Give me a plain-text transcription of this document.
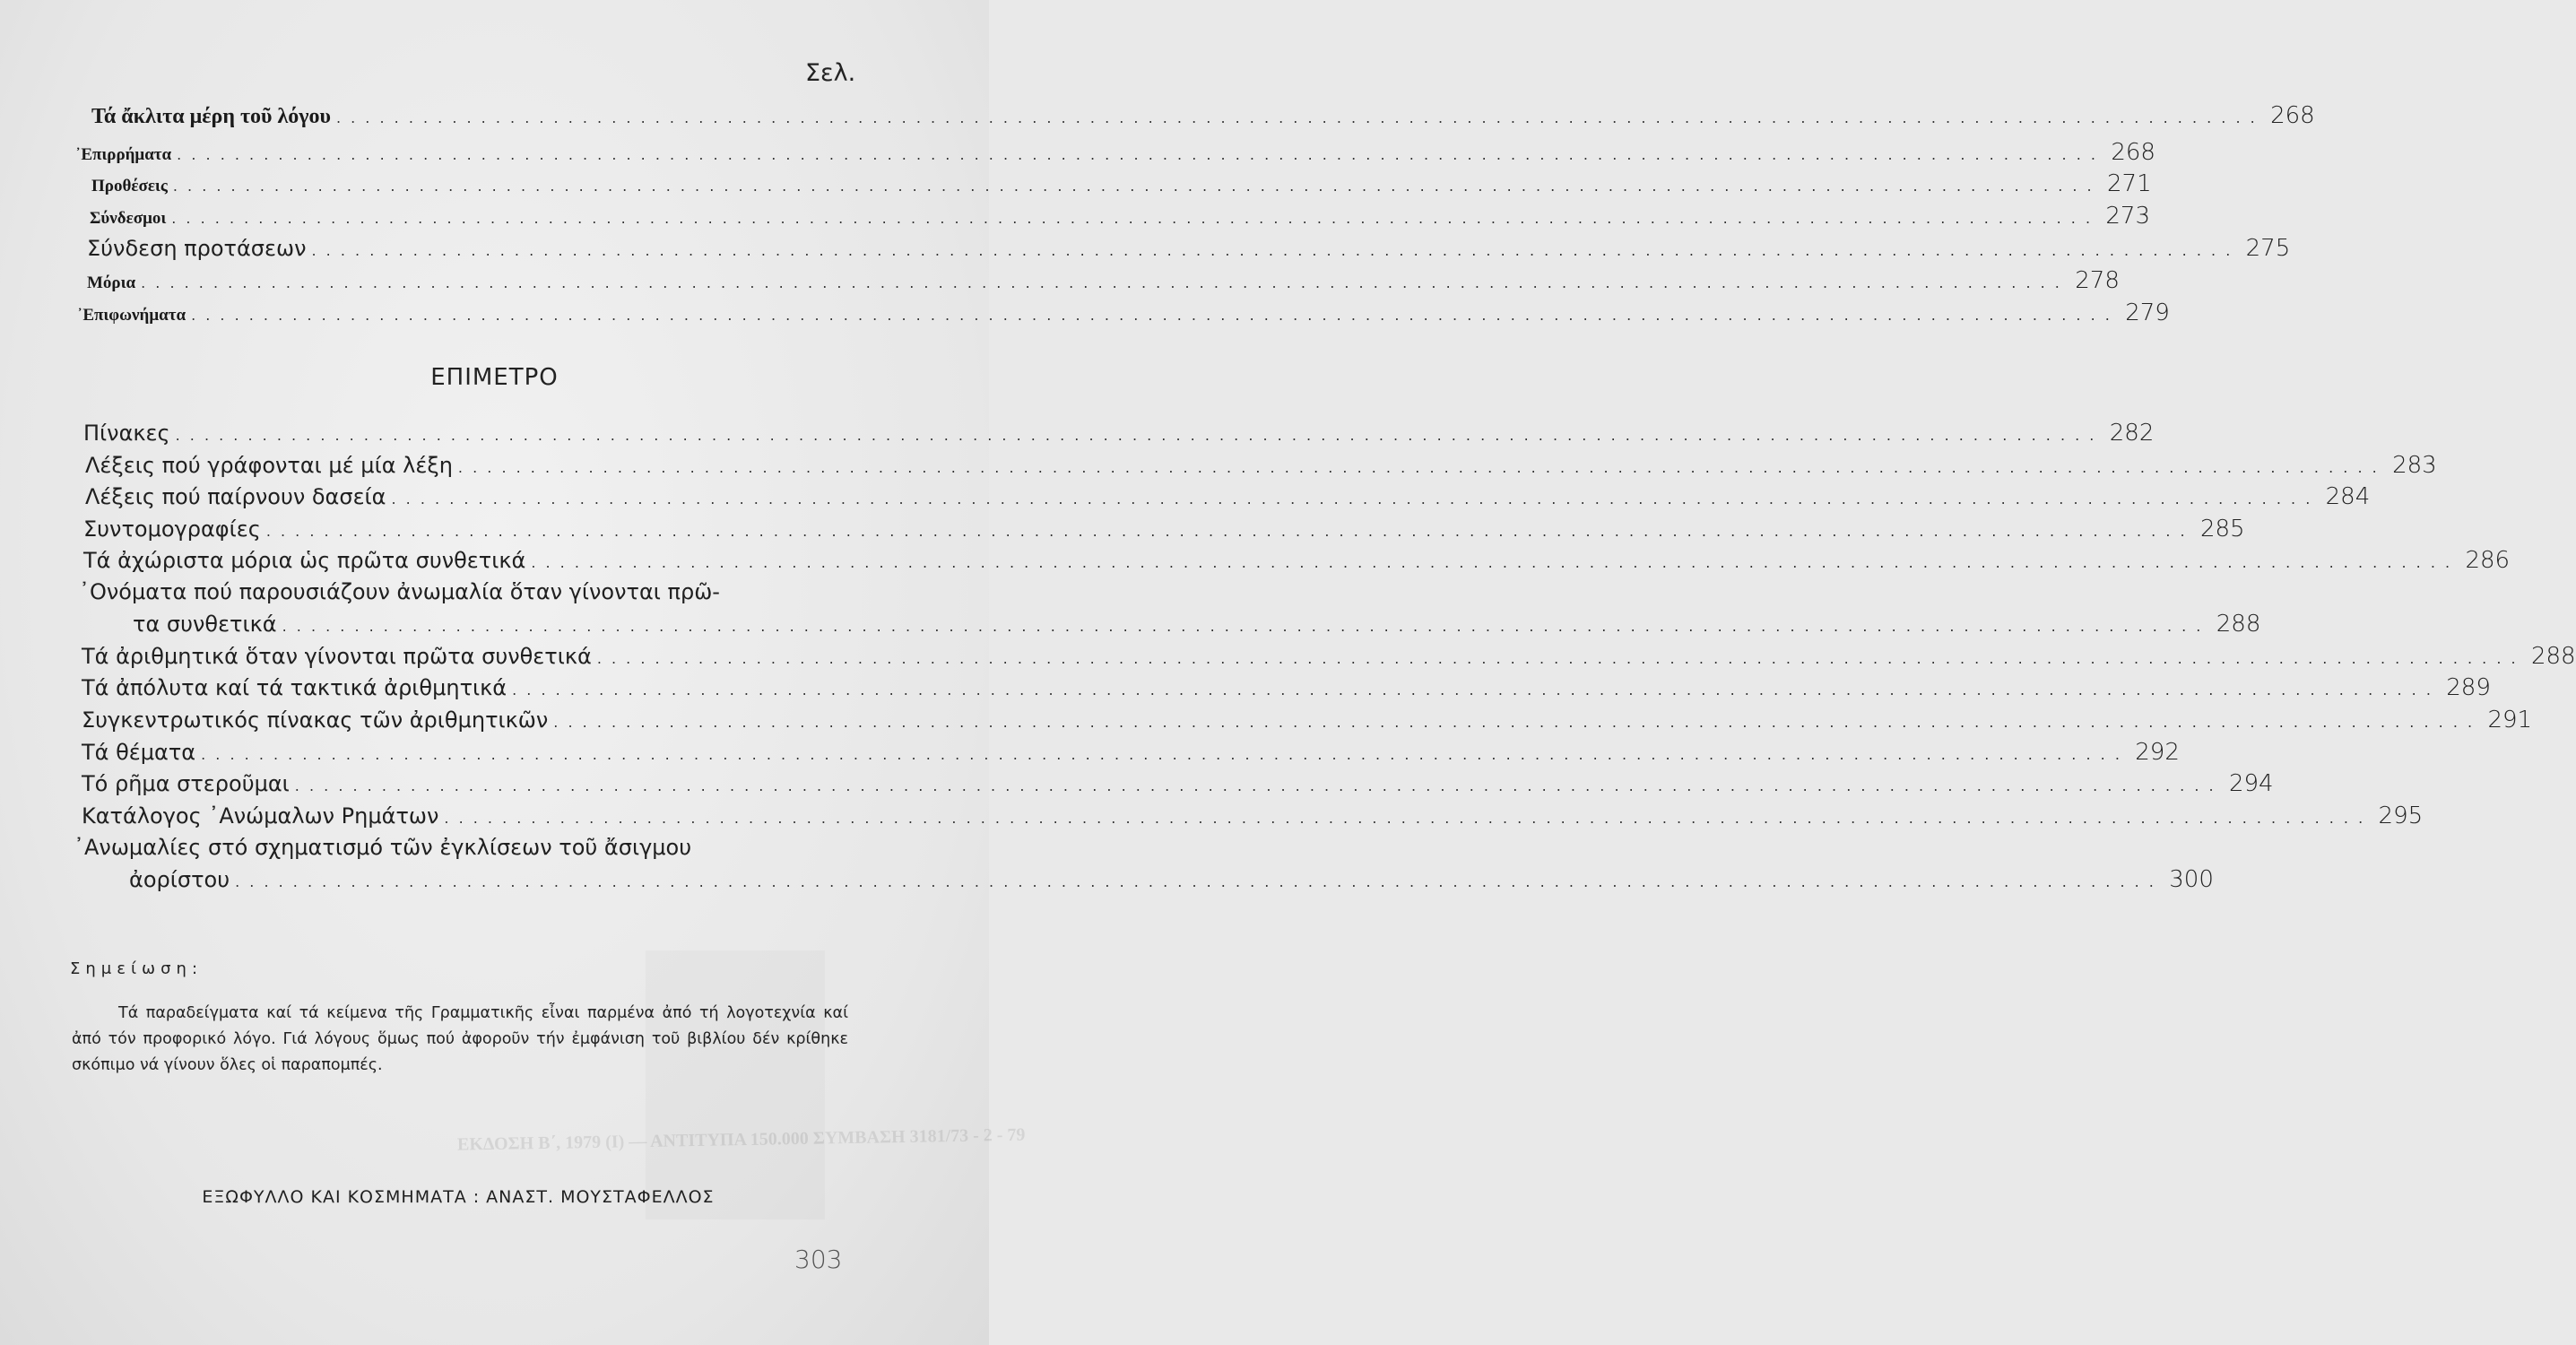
Σελ.
Τά ἄκλιτα μέρη τοῦ λόγου . . .	268
᾿Επιρρήματα . . .	268
Προθέσεις . . .	271
Σύνδεσμοι . . .	273
Σύνδεση προτάσεων . . .	275
Μόρια . . .	278
᾿Επιφωνήματα . . .	279
ΕΠΙΜΕΤΡΟ
Πίνακες . . .	282
Λέξεις πού γράφονται μέ μία λέξη . . .	283
Λέξεις πού παίρνουν δασεία . . .	284
Συντομογραφίες . . .	285
Τά ἀχώριστα μόρια ὡς πρῶτα συνθετικά . . .	286
᾿Ονόματα πού παρουσιάζουν ἀνωμαλία ὅταν γίνονται πρῶ-
τα συνθετικά . . .	288
Τά ἀριθμητικά ὅταν γίνονται πρῶτα συνθετικά . . .	288
Τά ἀπόλυτα καί τά τακτικά ἀριθμητικά . . .	289
Συγκεντρωτικός πίνακας τῶν ἀριθμητικῶν . . .	291
Τά θέματα . . .	292
Τό ρῆμα στεροῦμαι . . .	294
Κατάλογος ᾿Ανώμαλων Ρημάτων . . .	295
᾿Ανωμαλίες στό σχηματισμό τῶν ἐγκλίσεων τοῦ ἄσιγμου
ἀορίστου . . .	300
Σημείωση:
Τά παραδείγματα καί τά κείμενα τῆς Γραμματικῆς εἶναι παρμένα ἀπό τή λογοτεχνία καί ἀπό τόν προφορικό λόγο. Γιά λόγους ὅμως πού ἀφοροῦν τήν ἐμφάνιση τοῦ βιβλίου δέν κρίθηκε σκόπιμο νά γίνουν ὅλες οἱ παραπομπές.
ΕΚΔΟΣΗ Β΄, 1979 (Ι) — ΑΝΤΙΤΥΠΑ 150.000 ΣΥΜΒΑΣΗ 3181/73 - 2 - 79
ΕΞΩΦΥΛΛΟ ΚΑΙ ΚΟΣΜΗΜΑΤΑ : ΑΝΑΣΤ. ΜΟΥΣΤΑΦΕΛΛΟΣ
303
